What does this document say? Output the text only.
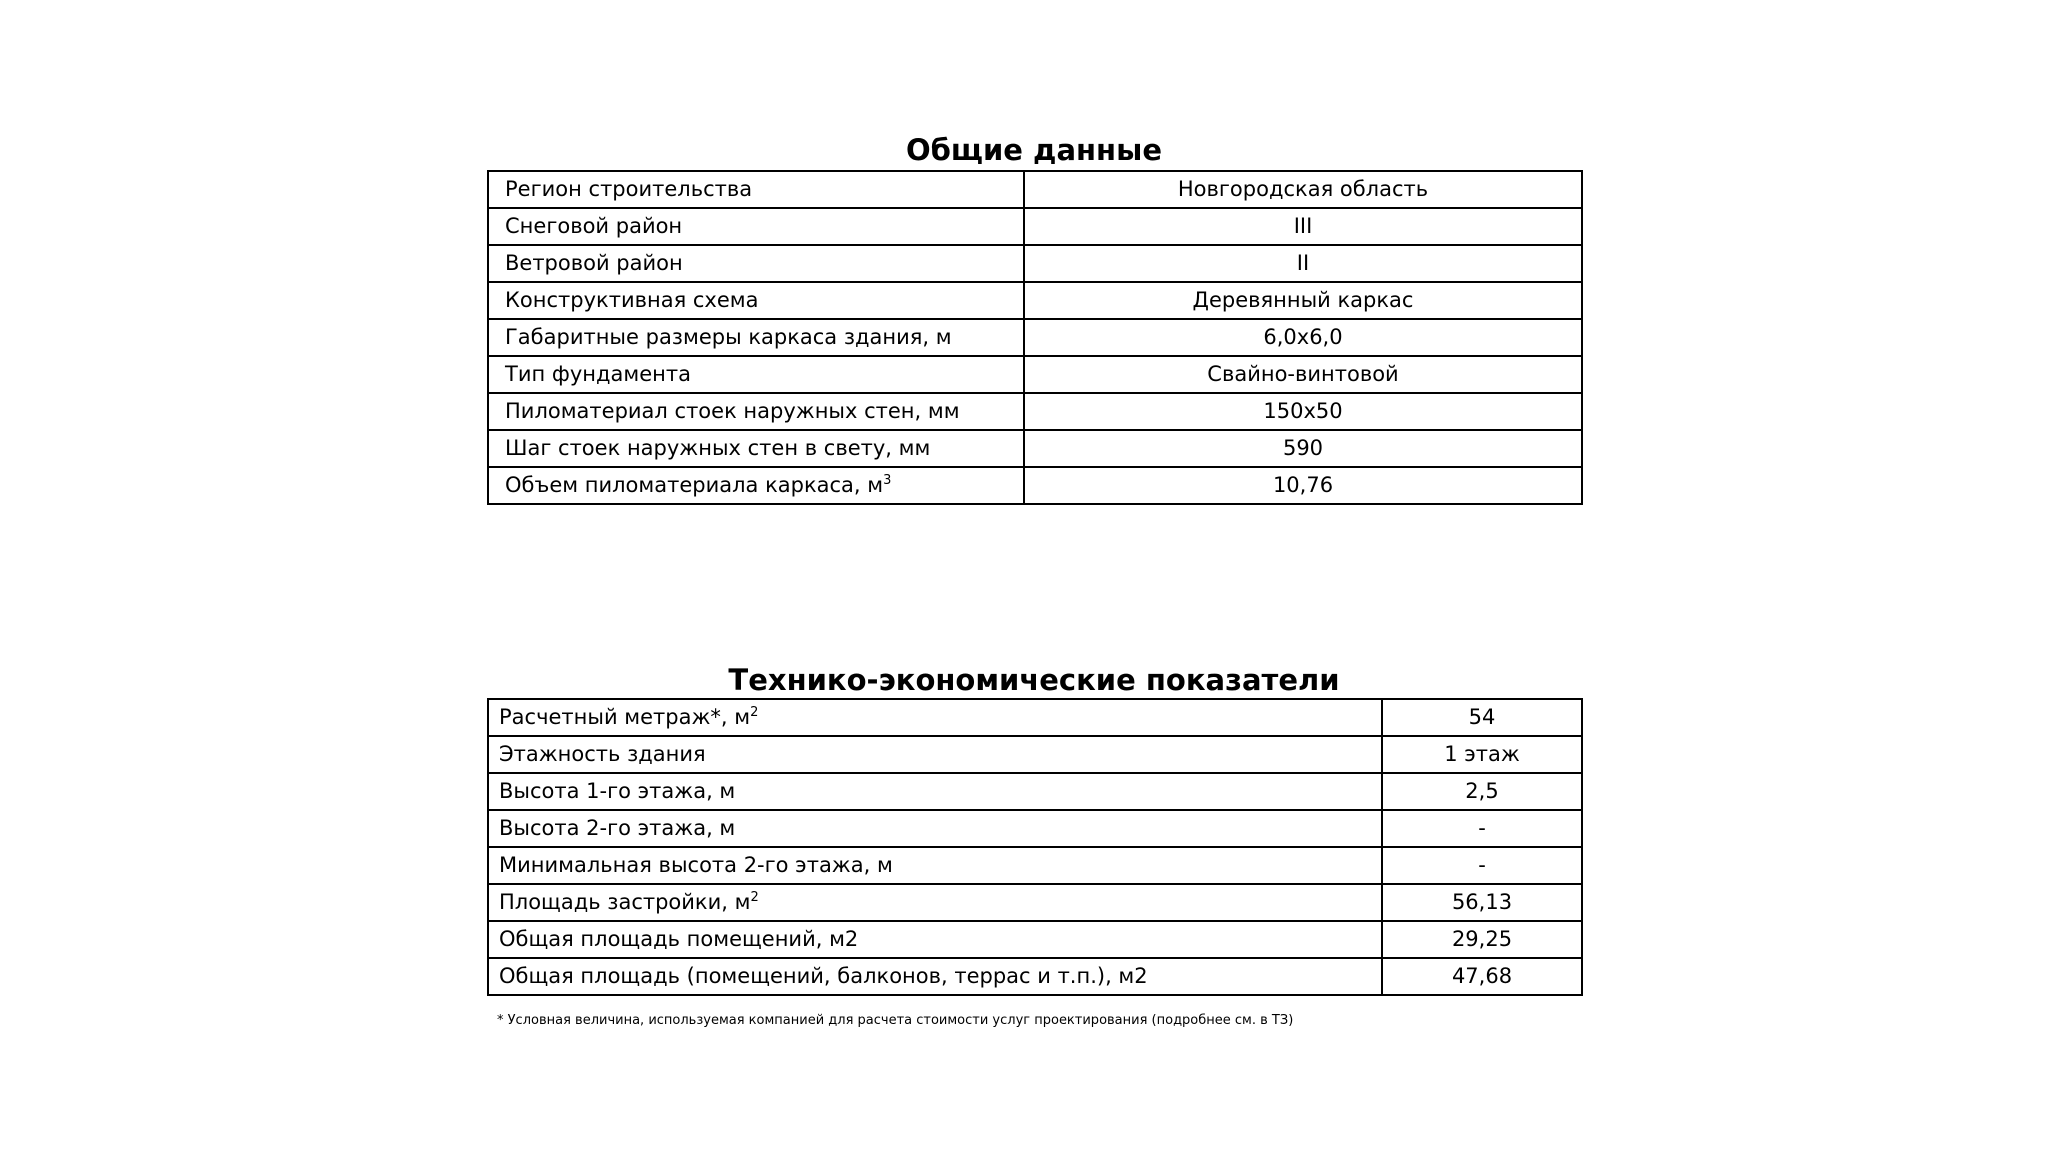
Общие данные
Регион строительства	Новгородская область
Снеговой район	III
Ветровой район	II
Конструктивная схема	Деревянный каркас
Габаритные размеры каркаса здания, м	6,0х6,0
Тип фундамента	Свайно-винтовой
Пиломатериал стоек наружных стен, мм	150х50
Шаг стоек наружных стен в свету, мм	590
Объем пиломатериала каркаса, $м^3$	10,76
Технико-экономические показатели
Расчетный метраж*, $м^2$	54
Этажность здания	1 этаж
Высота 1-го этажа, м	2,5
Высота 2-го этажа, м	-
Минимальная высота 2-го этажа, м	-
Площадь застройки, $м^2$	56,13
Общая площадь помещений, м2	29,25
Общая площадь (помещений, балконов, террас и т.п.), м2	47,68
* Условная величина, используемая компанией для расчета стоимости услуг проектирования (подробнее см. в ТЗ)
